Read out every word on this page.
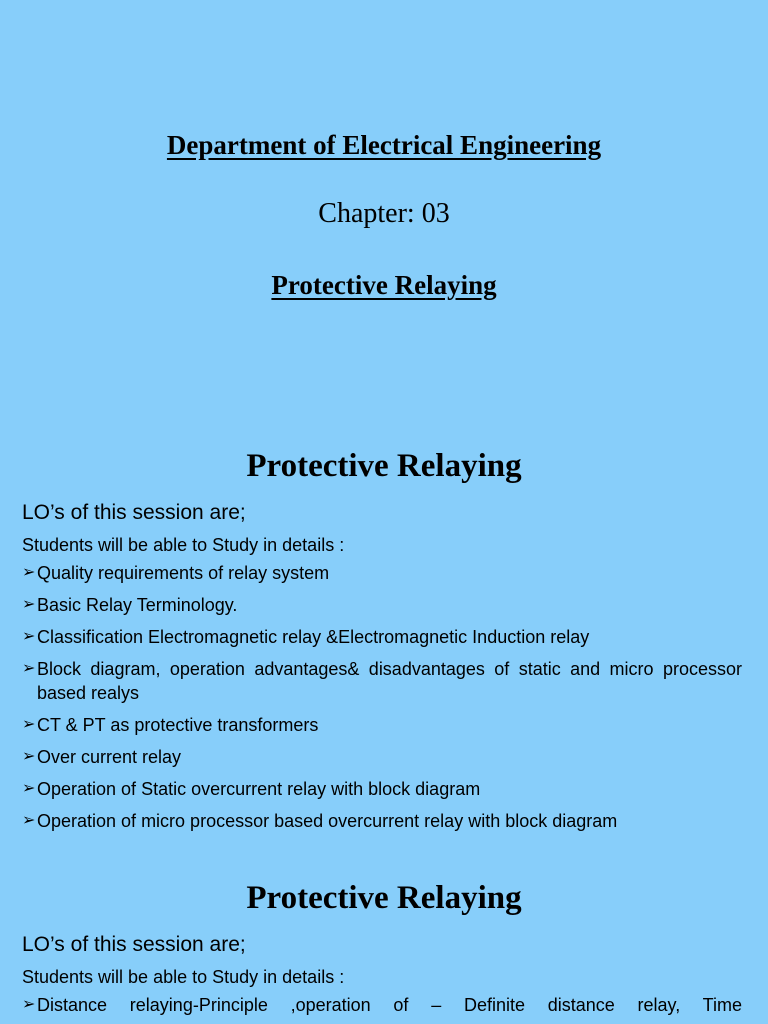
Department of Electrical Engineering
Chapter: 03
Protective Relaying

Protective Relaying

LO’s of this session are;

Students will be able to Study in details :

➢ Quality requirements of relay system
➢ Basic Relay Terminology.
➢ Classification Electromagnetic relay &Electromagnetic Induction relay
➢ Block diagram, operation advantages& disadvantages of static and micro processor based realys
➢ CT & PT as protective transformers
➢ Over current relay
➢ Operation of Static overcurrent relay with block diagram
➢ Operation of micro processor based overcurrent relay with block diagram

Protective Relaying

LO’s of this session are;

Students will be able to Study in details :

➢ Distance relaying-Principle ,operation of – Definite distance relay, Time
